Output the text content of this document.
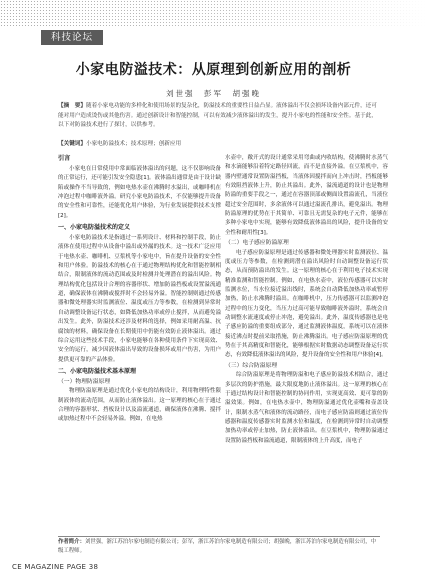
科技论坛
小家电防溢技术：从原理到创新应用的剖析
刘世强　彭军　胡强晚
【摘　要】随着小家电功能的多样化和使用场景的复杂化，防溢技术的重要性日益凸显。液体溢出不仅会损坏设备内部元件，还可能对用户造成烫伤或其他伤害。通过创新设计和智能控制，可以有效减少液体溢出的发生，提升小家电的性能和安全性。基于此，以下对防溢技术进行了探讨，以供参考。
【关键词】小家电防溢技术；技术原理；创新应用
引言

小家电在日常使用中常面临液体溢出的问题，这不仅影响设备的正常运行，还可能引发安全隐患[1]。液体溢出通常是由于设计缺陷或操作不当导致的，例如电热水壶在沸腾时水溢出，或咖啡机在冲泡过程中咖啡液外溢。研究小家电防溢技术，不仅能够提升设备的安全性和可靠性，还能优化用户体验，为行业发展提供技术支撑[2]。

一、小家电防溢技术的定义

小家电防溢技术是指通过一系列设计、材料和控制手段，防止液体在使用过程中从设备中溢出或外漏的技术。这一技术广泛应用于电热水壶、咖啡机、豆浆机等小家电中，旨在提升设备的安全性和用户体验。防溢技术的核心在于通过物理结构优化和智能控制相结合，限制液体的流动范围或及时检测并处理潜在的溢出风险。物理结构优化包括设计合理的容器形状、增加防溢挡板或设置溢流通道，确保液体在沸腾或搅拌时不会轻易外溢。智能控制则通过传感器和微处理器实时监测液位、温度或压力等参数，在检测到异常时自动调整设备运行状态，如降低加热功率或停止搅拌，从而避免溢出发生。此外，防溢技术还涉及材料的选择，例如采用耐高温、抗腐蚀的材料，确保设备在长期使用中仍能有效防止液体溢出。通过综合运用这些技术手段，小家电能够在各种使用条件下实现高效、安全的运行，减少因液体溢出导致的设备损坏或用户伤害，为用户提供更可靠的产品体验。

二、小家电防溢技术基本原理
（一）物理防溢原理

物理防溢原理是通过优化小家电的结构设计，利用物理特性限制液体的流动范围，从而防止液体溢出。这一原理的核心在于通过合理的容器形状、挡板设计以及溢流通道，确保液体在沸腾、搅拌或加热过程中不会轻易外溢。例如，在电热

水壶中，敞开式的设计通常采用弯曲或内收结构，使沸腾时水蒸气和水滴能够沿着特定路径回流，而不是直接外溢。在豆浆机中，容器内壁通常设置防溢挡板，当液体因搅拌而向上冲击时，挡板能够有效阻挡液体上升，防止其溢出。此外，溢流通道的设计也是物理防溢的重要手段之一，通过在容器顶部或侧面设置溢流孔，当液位超过安全范围时，多余液体可以通过溢流孔排出，避免溢出。物理防溢原理的优势在于其简单、可靠且无需复杂的电子元件，能够在多种小家电中实现，能够有效降低液体溢出的风险，提升设备的安全性和耐用性[3]。

（二）电子感应防溢原理

电子感应防溢原理是通过传感器和微处理器实时监测液位、温度或压力等参数，在检测到潜在溢出风险时自动调整设备运行状态，从而预防溢出的发生。这一原理的核心在于利用电子技术实现精准监测和智能控制。例如，在电热水壶中，液位传感器可以实时监测水位，当水位接近溢出线时，系统会自动降低加热功率或暂停加热，防止水沸腾时溢出。在咖啡机中，压力传感器可以监测冲泡过程中的压力变化，当压力过高可能导致咖啡液外溢时，系统会自动调整水流速度或停止冲泡，避免溢出。此外，温度传感器也是电子感应防溢的重要组成部分，通过监测液体温度，系统可以在液体接近沸点时提前采取措施，防止沸腾溢出。电子感应防溢原理的优势在于其高精度和智能化，能够根据实时数据动态调整设备运行状态，有效降低液体溢出的风险，提升设备的安全性和用户体验[4]。

（三）综合防溢原理

综合防溢原理是将物理防溢和电子感应防溢技术相结合，通过多层次的防护措施，最大限度地防止液体溢出。这一原理的核心在于通过结构设计和智能控制的协同作用，实现更高效、更可靠的防溢效果。例如，在电热水壶中，物理防溢通过优化壶嘴和壶盖设计，限制水蒸气和液体的流动路径，而电子感应防溢则通过液位传感器和温度传感器实时监测水位和温度，在检测到异常时自动调整加热功率或停止加热，防止液体溢出。在豆浆机中，物理防溢通过设置防溢挡板和溢流通道，限制液体的上升高度，而电子

作者简介：刘世强，浙江苏泊尔家电制造有限公司；彭军，浙江苏泊尔家电制造有限公司；胡强晚，浙江苏泊尔家电制造有限公司，中级工程师。
CE MAGAZINE PAGE 38
